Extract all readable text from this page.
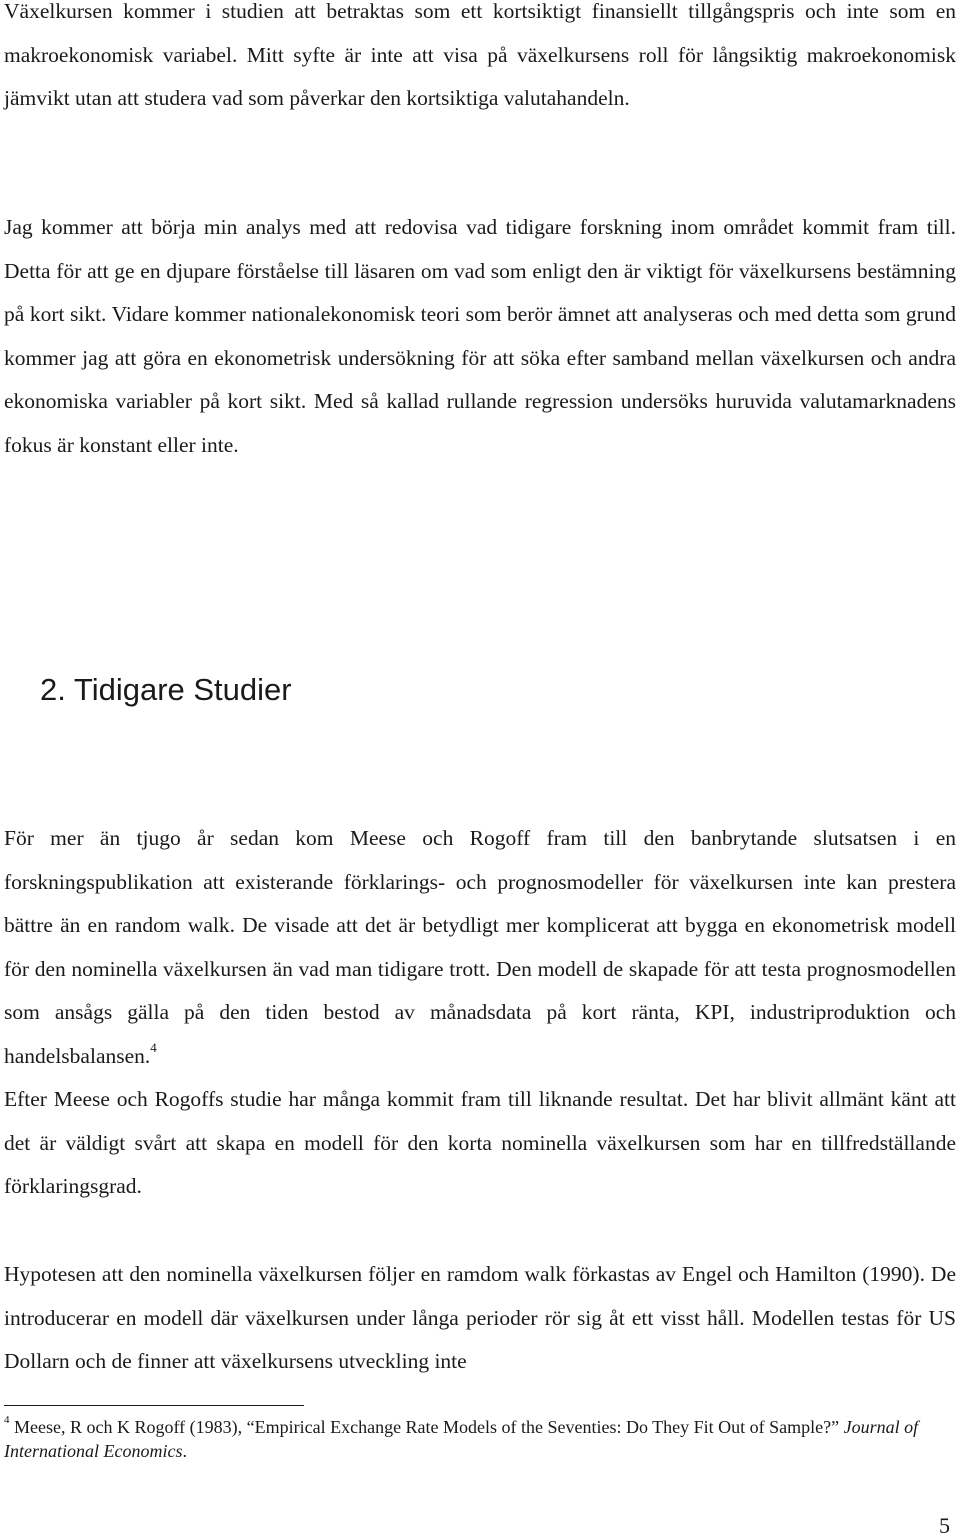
Växelkursen kommer i studien att betraktas som ett kortsiktigt finansiellt tillgångspris och inte som en makroekonomisk variabel. Mitt syfte är inte att visa på växelkursens roll för långsiktig makroekonomisk jämvikt utan att studera vad som påverkar den kortsiktiga valutahandeln.

Jag kommer att börja min analys med att redovisa vad tidigare forskning inom området kommit fram till. Detta för att ge en djupare förståelse till läsaren om vad som enligt den är viktigt för växelkursens bestämning på kort sikt. Vidare kommer nationalekonomisk teori som berör ämnet att analyseras och med detta som grund kommer jag att göra en ekonometrisk undersökning för att söka efter samband mellan växelkursen och andra ekonomiska variabler på kort sikt. Med så kallad rullande regression undersöks huruvida valutamarknadens fokus är konstant eller inte.

2. Tidigare Studier

För mer än tjugo år sedan kom Meese och Rogoff fram till den banbrytande slutsatsen i en forskningspublikation att existerande förklarings- och prognosmodeller för växelkursen inte kan prestera bättre än en random walk. De visade att det är betydligt mer komplicerat att bygga en ekonometrisk modell för den nominella växelkursen än vad man tidigare trott. Den modell de skapade för att testa prognosmodellen som ansågs gälla på den tiden bestod av månadsdata på kort ränta, KPI, industriproduktion och handelsbalansen.$^4$

Efter Meese och Rogoffs studie har många kommit fram till liknande resultat. Det har blivit allmänt känt att det är väldigt svårt att skapa en modell för den korta nominella växelkursen som har en tillfredställande förklaringsgrad.

Hypotesen att den nominella växelkursen följer en ramdom walk förkastas av Engel och Hamilton (1990). De introducerar en modell där växelkursen under långa perioder rör sig åt ett visst håll. Modellen testas för US Dollarn och de finner att växelkursens utveckling inte

$^4$ Meese, R och K Rogoff (1983), “Empirical Exchange Rate Models of the Seventies: Do They Fit Out of Sample?” Journal of International Economics.

5
